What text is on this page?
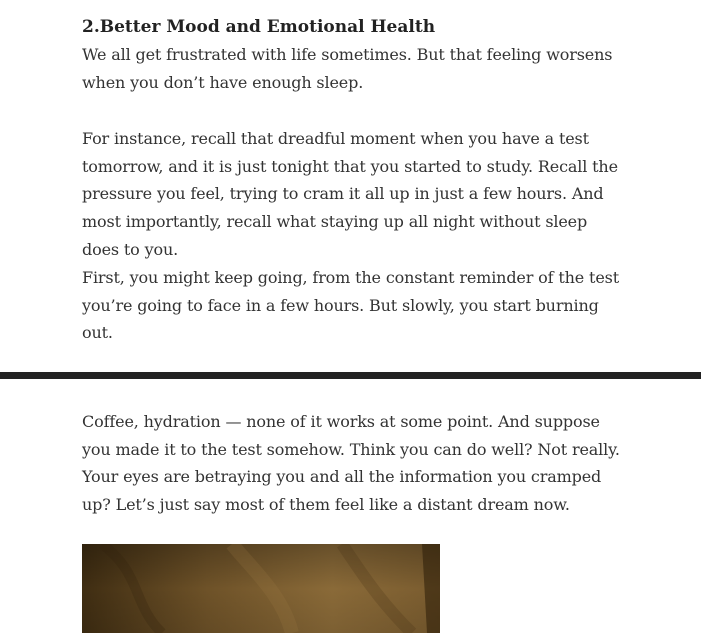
2.Better Mood and Emotional Health

We all get frustrated with life sometimes. But that feeling worsens when you don’t have enough sleep.

For instance, recall that dreadful moment when you have a test tomorrow, and it is just tonight that you started to study. Recall the pressure you feel, trying to cram it all up in just a few hours. And most importantly, recall what staying up all night without sleep does to you.

First, you might keep going, from the constant reminder of the test you’re going to face in a few hours. But slowly, you start burning out.

Coffee, hydration — none of it works at some point. And suppose you made it to the test somehow. Think you can do well? Not really. Your eyes are betraying you and all the information you cramped up? Let’s just say most of them feel like a distant dream now.
